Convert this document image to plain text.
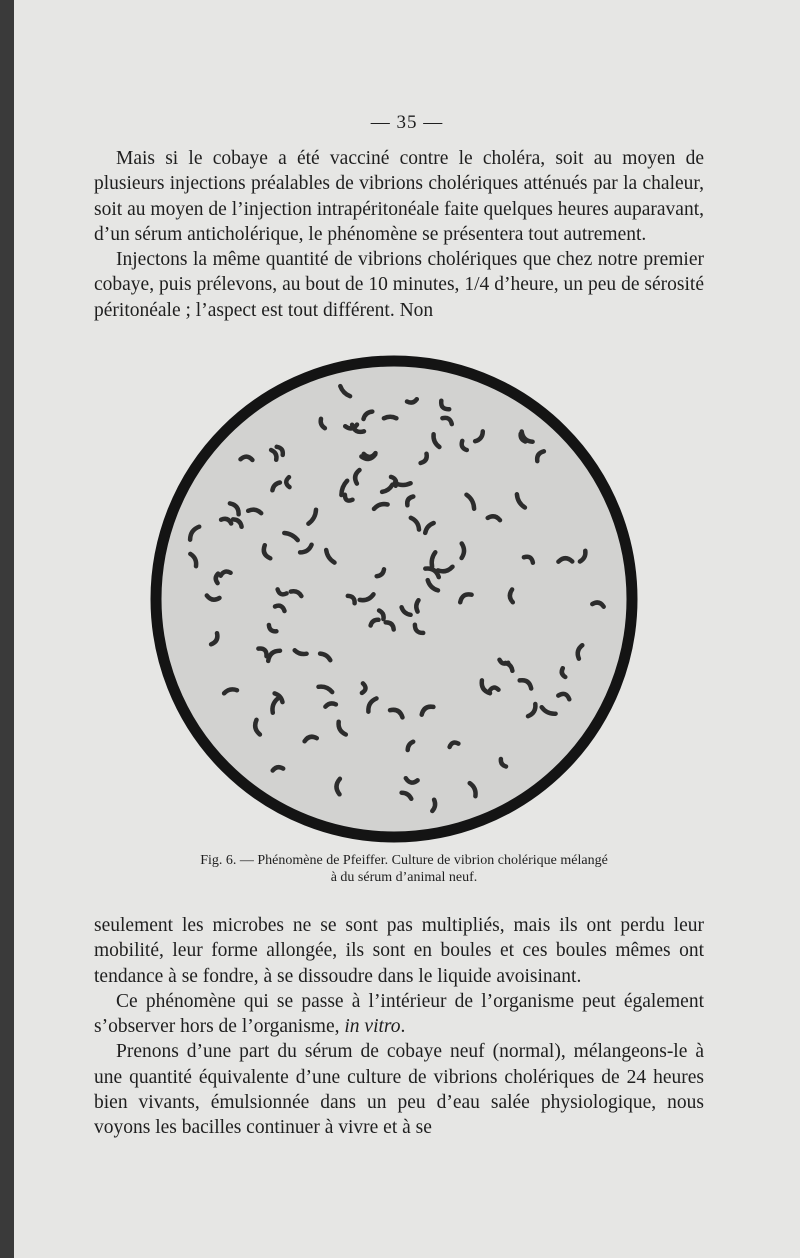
— 35 —

Mais si le cobaye a été vacciné contre le choléra, soit au moyen de plusieurs injections préalables de vibrions cholériques atténués par la chaleur, soit au moyen de l’injection intrapéritonéale faite quelques heures auparavant, d’un sérum anticholérique, le phénomène se présentera tout autrement.

Injectons la même quantité de vibrions cholériques que chez notre premier cobaye, puis prélevons, au bout de 10 minutes, 1/4 d’heure, un peu de sérosité péritonéale ; l’aspect est tout différent. Non

Fig. 6. — Phénomène de Pfeiffer. Culture de vibrion cholérique mélangé
à du sérum d’animal neuf.

seulement les microbes ne se sont pas multipliés, mais ils ont perdu leur mobilité, leur forme allongée, ils sont en boules et ces boules mêmes ont tendance à se fondre, à se dissoudre dans le liquide avoisinant.

Ce phénomène qui se passe à l’intérieur de l’organisme peut également s’observer hors de l’organisme, in vitro.

Prenons d’une part du sérum de cobaye neuf (normal), mélangeons-le à une quantité équivalente d’une culture de vibrions cholériques de 24 heures bien vivants, émulsionnée dans un peu d’eau salée physiologique, nous voyons les bacilles continuer à vivre et à se
